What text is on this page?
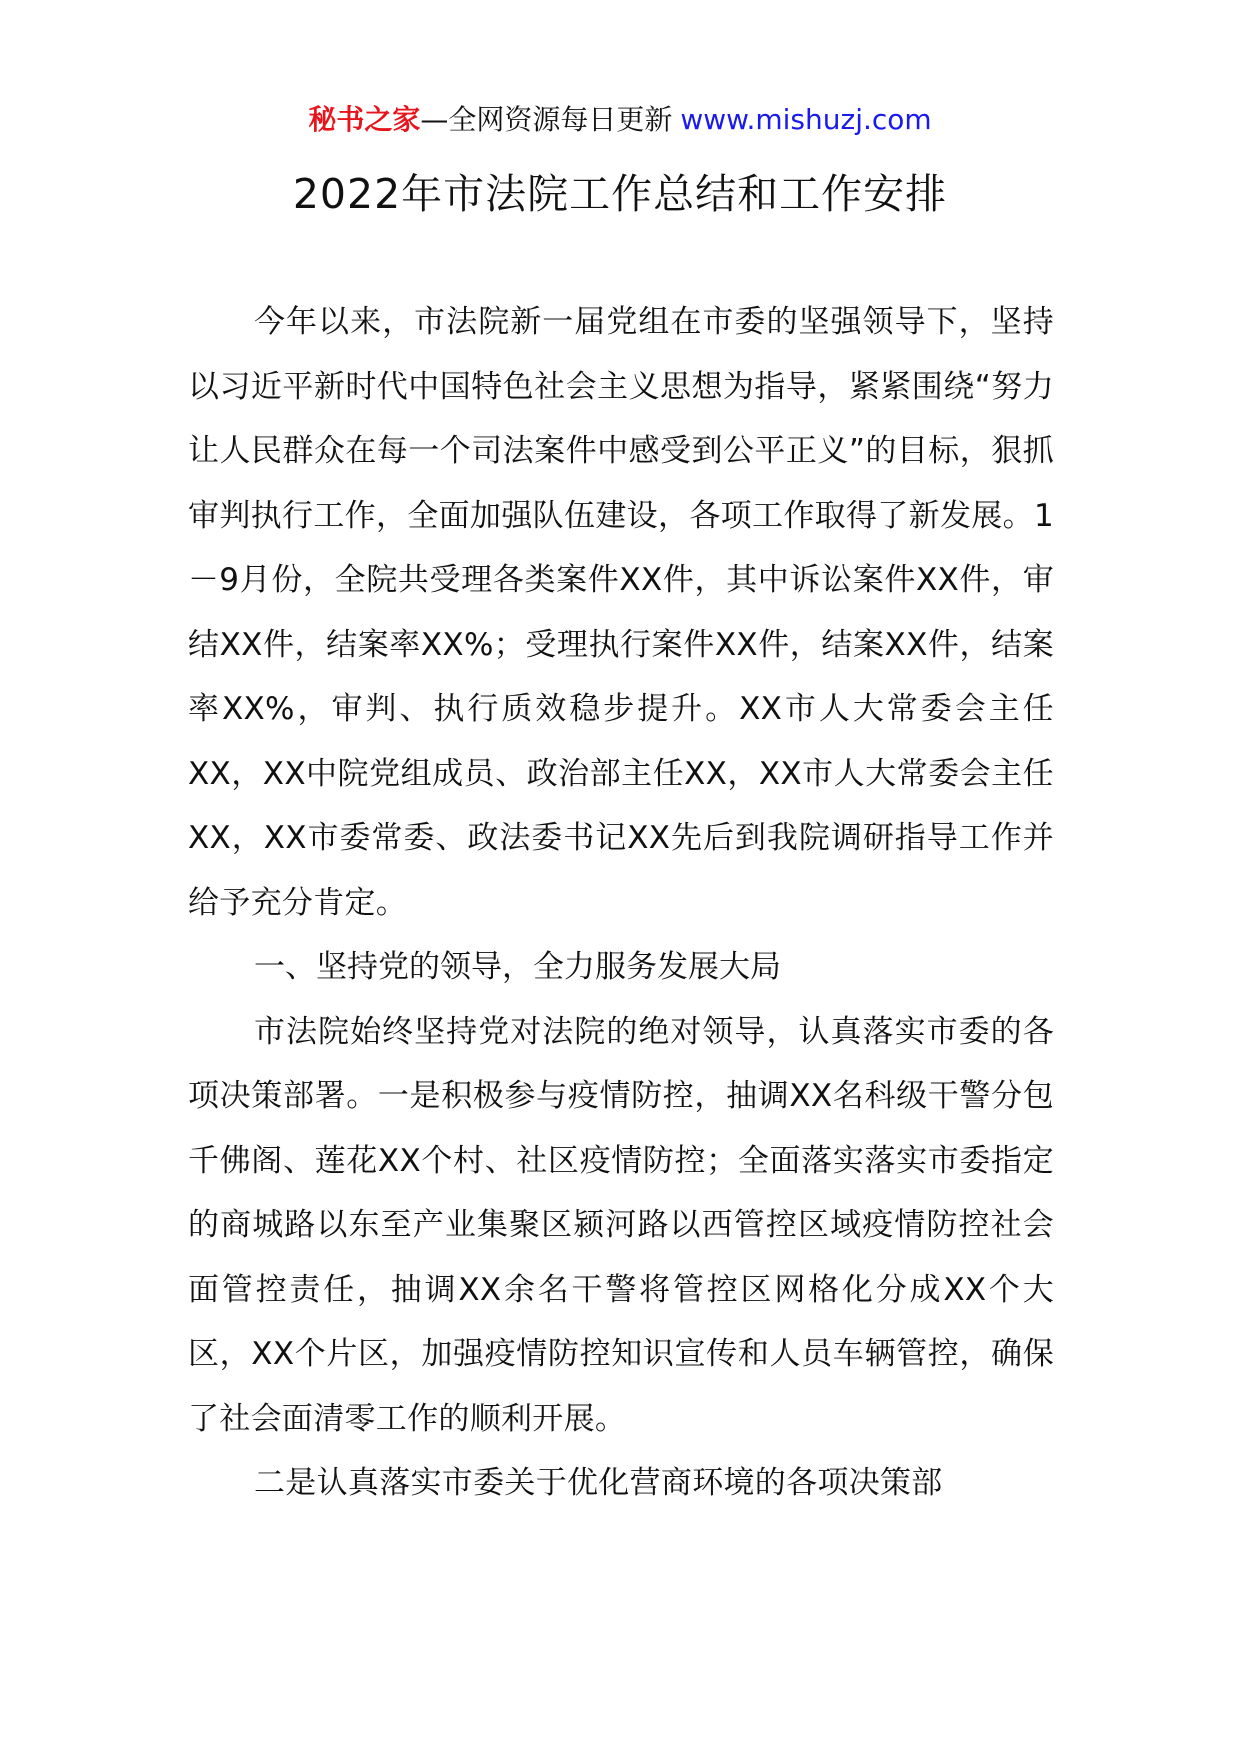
秘书之家—全网资源每日更新 www.mishuzj.com
2022年市法院工作总结和工作安排

今年以来，市法院新一届党组在市委的坚强领导下，坚持以习近平新时代中国特色社会主义思想为指导，紧紧围绕“努力让人民群众在每一个司法案件中感受到公平正义”的目标，狠抓审判执行工作，全面加强队伍建设，各项工作取得了新发展。1－9月份，全院共受理各类案件XX件，其中诉讼案件XX件，审结XX件，结案率XX%；受理执行案件XX件，结案XX件，结案率XX%，审判、执行质效稳步提升。XX市人大常委会主任XX，XX中院党组成员、政治部主任XX，XX市人大常委会主任XX，XX市委常委、政法委书记XX先后到我院调研指导工作并给予充分肯定。

一、坚持党的领导，全力服务发展大局

市法院始终坚持党对法院的绝对领导，认真落实市委的各项决策部署。一是积极参与疫情防控，抽调XX名科级干警分包千佛阁、莲花XX个村、社区疫情防控；全面落实落实市委指定的商城路以东至产业集聚区颍河路以西管控区域疫情防控社会面管控责任，抽调XX余名干警将管控区网格化分成XX个大区，XX个片区，加强疫情防控知识宣传和人员车辆管控，确保了社会面清零工作的顺利开展。

二是认真落实市委关于优化营商环境的各项决策部
